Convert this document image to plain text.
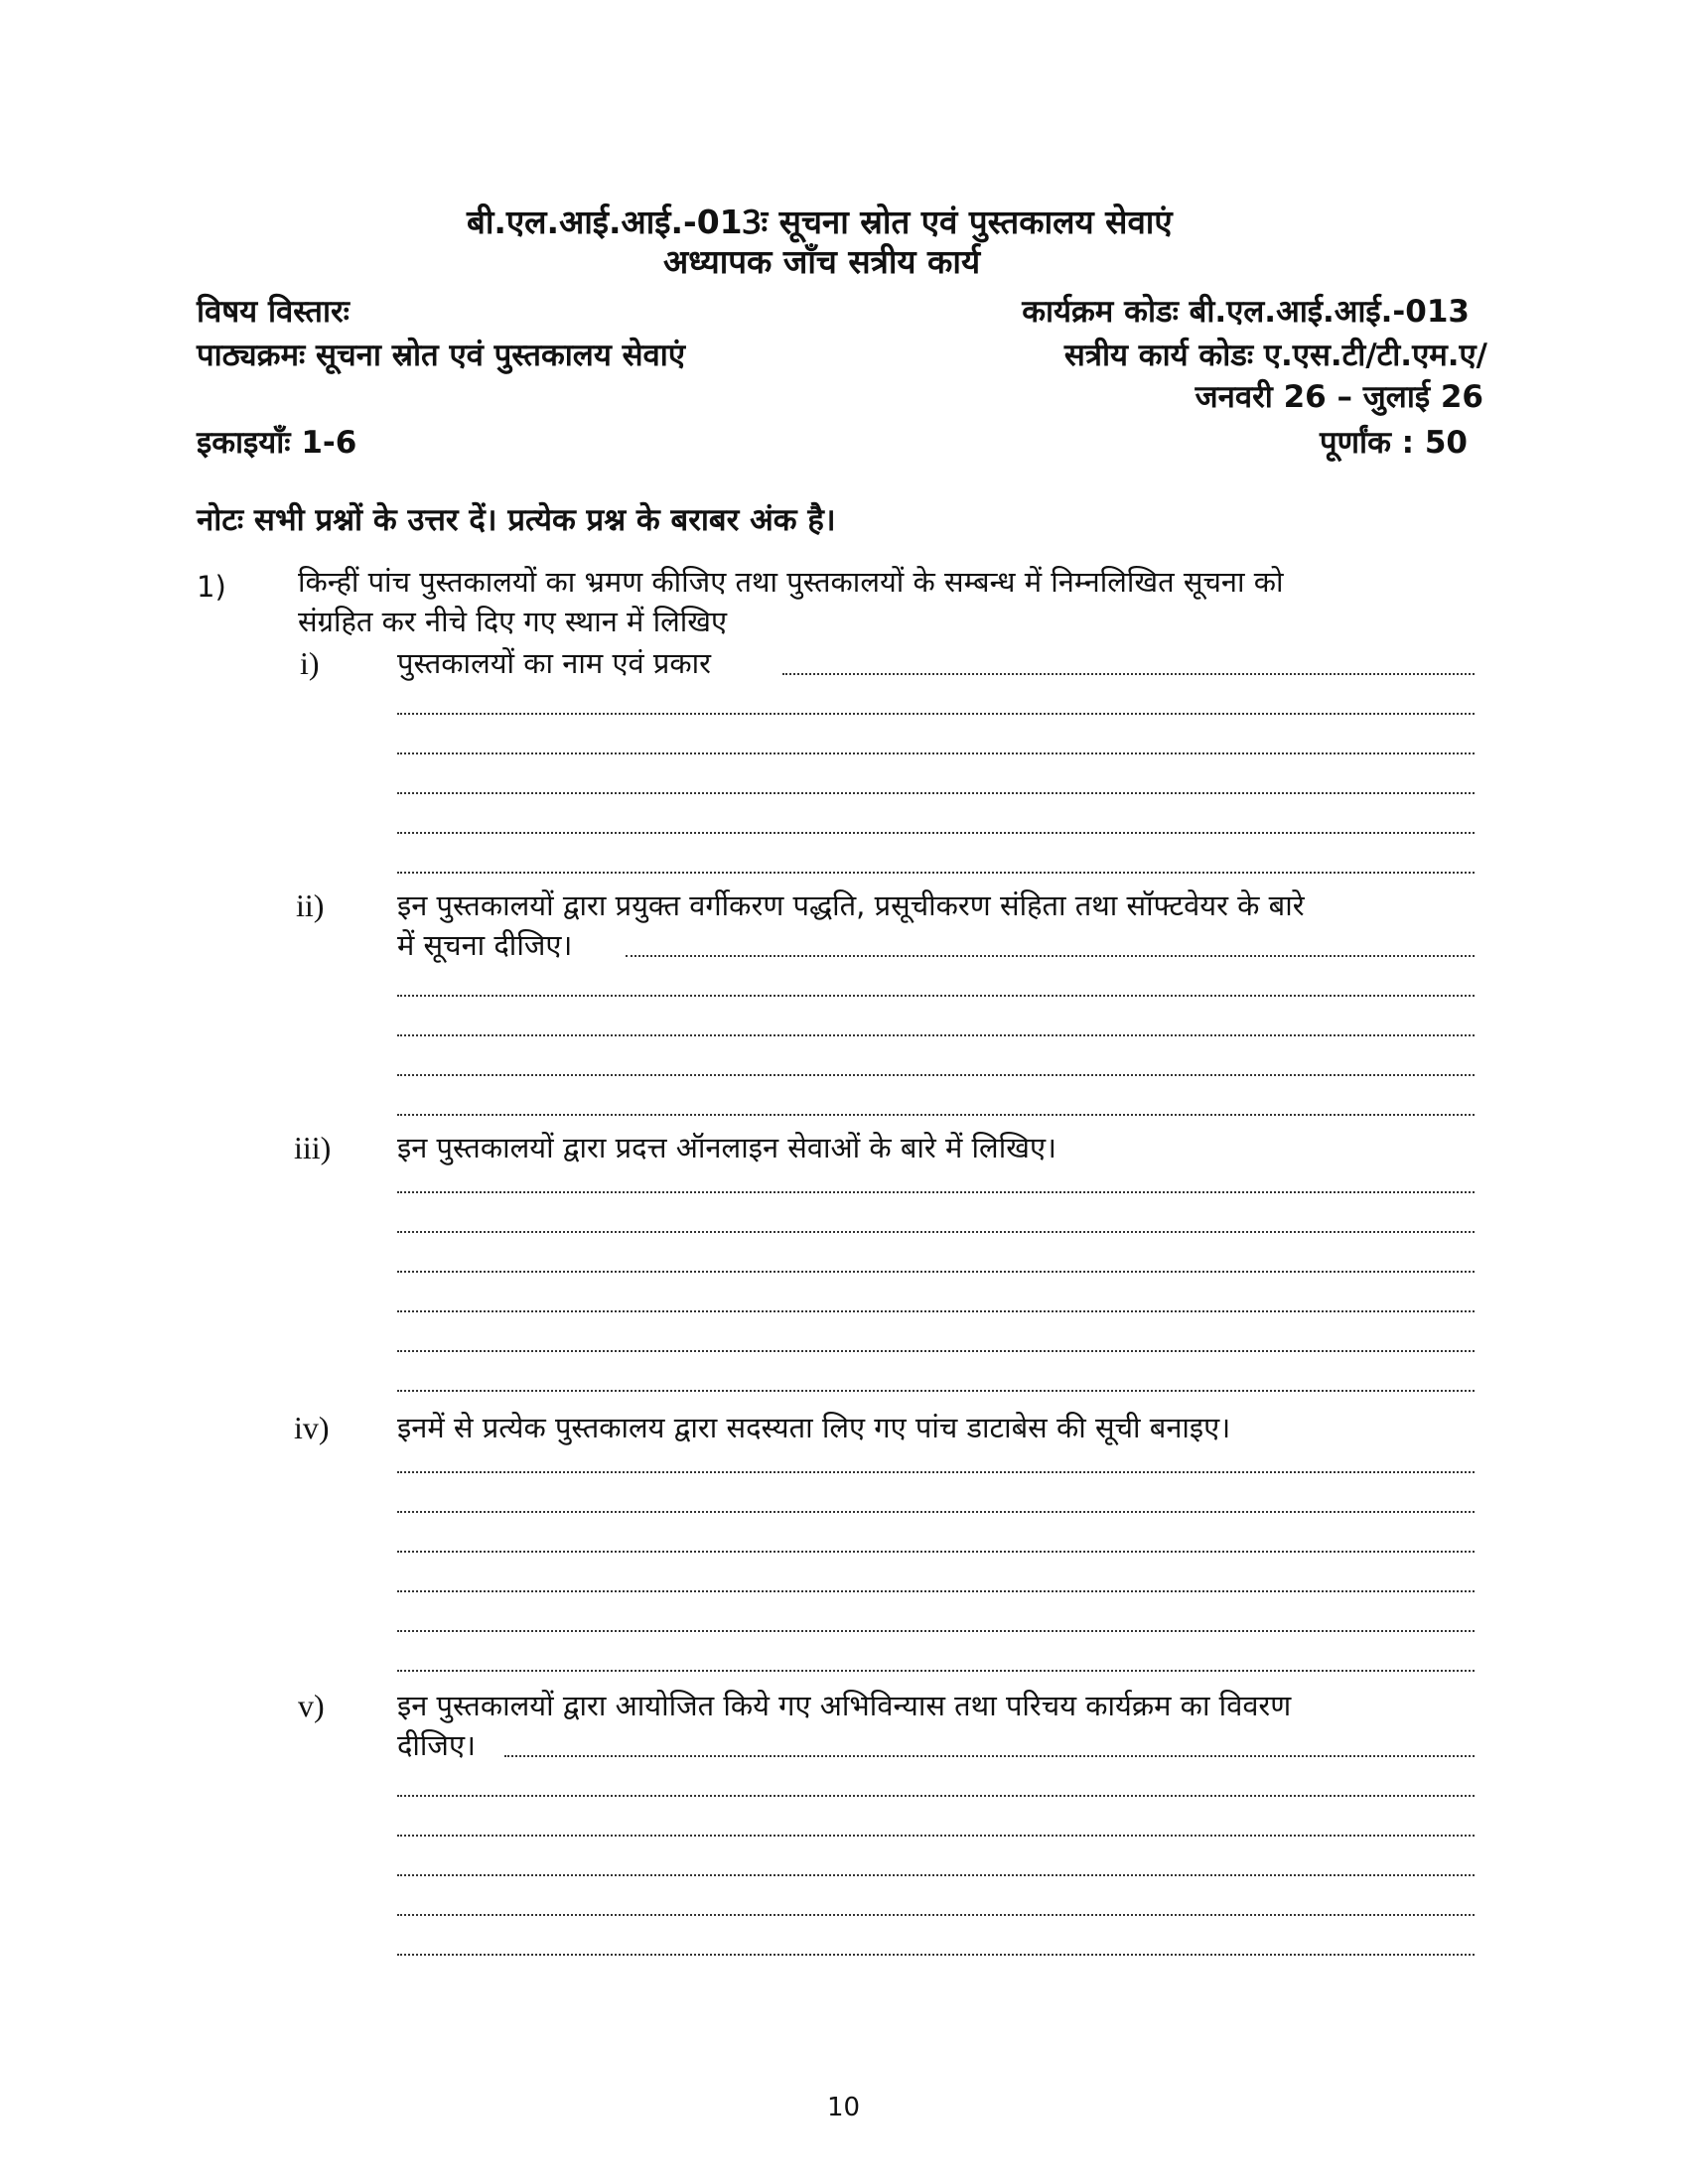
बी.एल.आई.आई.-013ः सूचना स्रोत एवं पुस्तकालय सेवाएं
अध्यापक जाँच सत्रीय कार्य
विषय विस्तारः
पाठ्यक्रमः सूचना स्रोत एवं पुस्तकालय सेवाएं
इकाइयाँः 1-6
कार्यक्रम कोडः बी.एल.आई.आई.-013
सत्रीय कार्य कोडः ए.एस.टी/टी.एम.ए/
जनवरी 26 – जुलाई 26
पूर्णांक : 50
नोटः सभी प्रश्नों के उत्तर दें। प्रत्येक प्रश्न के बराबर अंक है।
1) किन्हीं पांच पुस्तकालयों का भ्रमण कीजिए तथा पुस्तकालयों के सम्बन्ध में निम्नलिखित सूचना को
संग्रहित कर नीचे दिए गए स्थान में लिखिए
i)	पुस्तकालयों का नाम एवं प्रकार
ii)	इन पुस्तकालयों द्वारा प्रयुक्त वर्गीकरण पद्धति, प्रसूचीकरण संहिता तथा सॉफ्टवेयर के बारे
में सूचना दीजिए।
iii) इन पुस्तकालयों द्वारा प्रदत्त ऑनलाइन सेवाओं के बारे में लिखिए।
iv) इनमें से प्रत्येक पुस्तकालय द्वारा सदस्यता लिए गए पांच डाटाबेस की सूची बनाइए।
v)	इन पुस्तकालयों द्वारा आयोजित किये गए अभिविन्यास तथा परिचय कार्यक्रम का विवरण
दीजिए।
10
